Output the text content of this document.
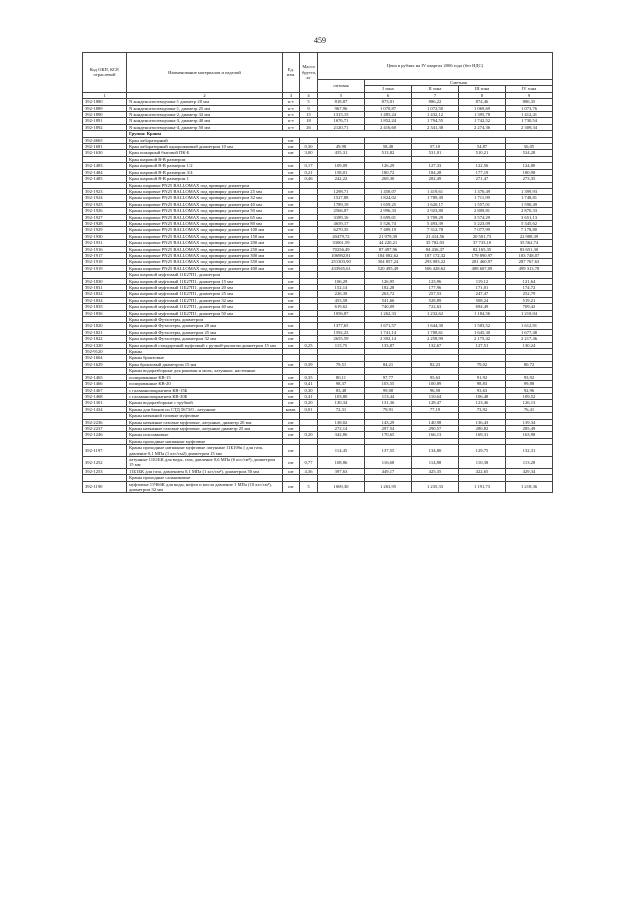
459
Код ОКП, КСР, отраслевой	Наименование материалов и изделий	Ед. изм.	Масса брутто, кг	Цена в рублях на IV квартал 2006 года (без НДС)				
				оптовая	Сметная			
					I зона	II зона	III зона	IV зона
1	2	3	4	5	6	7	8	9
392-1880	N конденсатоотводчика-1 диаметр 20 мм	к-т	5	818,87	873,01	886,22	874,46	886,35
392-1889	N конденсатоотводчика-1, диаметр 25 мм	к-т	9	967,96	1 070,87	1 072,50	1 069,69	1 073,76
392-1890	N конденсатоотводчика-2, диаметр 32 мм	к-т	15	1315,15	1 485,24	1 432,12	1 395,78	1 412,41
392-1891	N конденсатоотводчика-3, диаметр 40 мм	к-т	18	1676,71	1 852,24	1 794,55	1 742,52	1 730,54
392-1892	N конденсатоотводчика-4, диаметр 50 мм	к-т	26	2120,71	2 416,60	2 341,38	2 274,36	2 309,34
	Группа: Краны							
392-4665	Кран лабораторный	шт						
392-1681	Кран лабораторный однорожковый диаметром 10 мм	шт	0,30	49,98	58,48	57,10	54,87	56,05
392-1630	Кран пожарный бытовой ПК-Б	шт	3,00	455,31	513,82	531,01	510,21	524,28
	Кран шаровой В-В размером							
392-1483	Кран шаровой В-В размером 1/2	шт	0,17	109,09	126,29	127,33	122,56	124,80
392-1484	Кран шаровой В-В размером 3/4	шт	0,21	158,01	180,72	184,28	177,19	180,98
392-1485	Кран шаровой В-В размером 1	шт	0,46	242,22	269,30	282,49	271,47	273,35
	Краны шаровые PN25 BALLOMAX под приварку диаметром							
392-1923	Краны шаровые PN25 BALLOMAX под приварку диаметром 25 мм	шт		1298,71	1 458,07	1 419,61	1 370,49	1 399,93
392-1924	Краны шаровые PN25 BALLOMAX под приварку диаметром 32 мм	шт		1527,88	1 824,02	1 789,49	1 711,99	1 748,81
392-1925	Краны шаровые PN25 BALLOMAX под приварку диаметром 40 мм	шт		1789,19	1 659,25	1 620,17	1 557,01	1 590,49
392-1926	Краны шаровые PN25 BALLOMAX под приварку диаметром 50 мм	шт		2566,07	2 996,33	2 923,80	2 809,81	2 870,33
392-1927	Краны шаровые PN25 BALLOMAX под приварку диаметром 65 мм	шт		3189,16	3 699,01	3 709,29	3 574,29	3 651,13
392-1928	Краны шаровые PN25 BALLOMAX под приварку диаметром 80 мм	шт		4659,17	5 526,74	5 493,39	5 223,09	5 345,62
392-1929	Краны шаровые PN25 BALLOMAX под приварку диаметром 100 мм	шт		6270,35	7 489,19	7 312,78	7 077,99	7 178,80
392-1930	Краны шаровые PN25 BALLOMAX под приварку диаметром 150 мм	шт		20479,72	21 979,39	21 414,56	20 501,73	22 988,39
392-1931	Краны шаровые PN25 BALLOMAX под приварку диаметром 200 мм	шт		33061,59	44 220,21	35 782,03	37 733,10	35 562,74
392-1916	Краны шаровые PN25 BALLOMAX под приварку диаметром 250 мм	шт		70256,49	87 497,96	84 436,37	82 165,35	83 651,30
392-1917	Краны шаровые PN25 BALLOMAX под приварку диаметром 300 мм	шт		106982,81	184 082,62	187 172,32	179 890,97	183 748,07
392-1918	Краны шаровые PN25 BALLOMAX под приварку диаметром 350 мм	шт		251303,90	304 857,24	293 083,22	281 460,97	287 767,63
392-1919	Краны шаровые PN25 BALLOMAX под приварку диаметром 400 мм	шт		433945,61	520 495,49	506 428,62	488 607,09	499 313,78
	Кран шаровой муфтовый 11Б27П1, диаметром							
392-1830	Кран шаровой муфтовый 11Б27П1, диаметром 15 мм	шт		106,29	126,95	123,96	119,12	121,64
392-1831	Кран шаровой муфтовый 11Б27П1, диаметром 20 мм	шт		152,14	182,28	177,96	171,01	174,72
392-1832	Кран шаровой муфтовый 11Б27П1, диаметром 25 мм	шт		226,39	263,72	257,53	247,47	252,79
392-1834	Кран шаровой муфтовый 11Б27П1, диаметром 32 мм	шт		453,58	541,66	528,89	508,24	519,21
392-1835	Кран шаровой муфтовый 11Б27П1, диаметром 40 мм	шт		619,62	740,09	722,63	694,49	709,42
392-1836	Кран шаровой муфтовый 11Б27П1, диаметром 50 мм	шт		1056,87	1 262,33	1 232,62	1 184,56	1 210,04
	Кран шаровой Футлотерм, диаметром							
392-1820	Кран шаровой Футлотерм, диаметром 20 мм	шт		1377,65	1 671,57	1 644,30	1 583,52	1 612,91
392-1821	Кран шаровой Футлотерм, диаметром 25 мм	шт		1592,23	1 741,14	1 708,61	1 645,30	1 677,48
392-1822	Кран шаровой Футлотерм, диаметром 32 мм	шт		2655,59	2 392,14	2 258,99	2 175,42	2 217,46
392-1320	Кран шаровой стандартный муфтовый с ручкой-рычагом диаметром 15 мм	шт	0,25	115,75	133,87	132,67	127,51	130,24
392-9120	Краны							
392-1604	Краны бронзовые							
392-1629	Кран бронзовый диаметром 15 мм	шт	0,39	79,51	84,21	82,23	79,02	80,72
	Краны водоразборные для раковин и моек, латунные, настенные							
392-1465	полированные КВ-15	шт	0,35	80,11	97,77	95,63	91,92	93,92
392-1466	полированные КВ-20	шт	0,41	98,37	103,55	100,89	98,83	99,88
392-1467	с гальванопокрытием КВ-15Б	шт	0,30	83,48	99,08	96,58	93,63	92,96
392-1468	с гальванопокрытием КВ-20Б	шт	0,41	103,80	113,44	110,64	106,48	109,52
392-1301	Краны водоразборные с трубкой	шт	0,20	130,34	131,36	128,47	123,46	126,13
392-1434	Краны для бачков по СТД 5673/0 , латунные	комп.	0,01	72,31	79,91	77,19	73,92	76,41
	Краны натяжной газовые муфтовые							
392-2236	Краны натяжные газовые муфтовые, латунные, диаметр 20 мм	шт		138,02	143,29	140,98	136,43	139,34
392-2237	Краны натяжные газовые муфтовые, латунные диаметр 25 мм	шт		272,14	297,54	290,57	280,82	285,49
392-1246	Краны поплавковые	шт	0,20	342,86	170,65	166,13	169,31	163,98
	Краны проходные натяжные муфтовые							
392-1197	Краны проходные натяжные муфтовые латунные 11Б10бк ( для газа, давление 0,1 МПа (1 кгс/см2) диаметром 15 мм	шт		114,45	137,55	134,80	129,75	132,31
392-1252	латунные 11Б1БК для воды, газа, давление 0,6 МПа (6 кгс/см²), диаметром 15 мм	шт	0,77	108,86	116,68	114,88	110,38	113,28
392-1253	11Б1БК для газа, давлением 0,1 МПа (1 кгс/см²), диаметром 50 мм	шт	4,36	397,63	449,17	425,35	422,65	429,34
	Краны проходные сальниковые							
392-1190	муфтовые 11Ч6бК для воды, нефти и масла давление 1 МПа (10 кгс/см²), диаметром 32 мм	шт	5	1069,30	1 263,95	1 235,33	1 191,73	1 218,36
